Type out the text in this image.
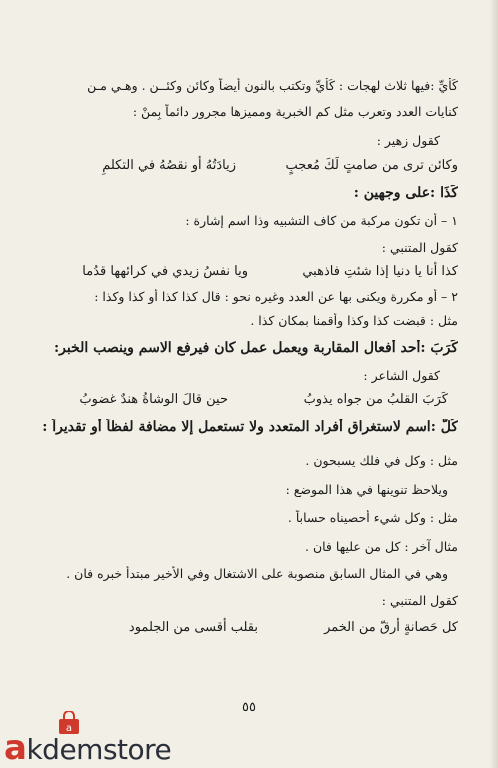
كَأَيِّ :فيها ثلاث لهجات : كَأَيِّ وتكتب بالنون أيضاً وكائن وكئــن . وهـي مـن
كنايات العدد وتعرب مثل كم الخبرية ومميزها مجرور دائماً بِمنْ :
كقول زهير :
وكائن ترى من صامتٍ لَكَ مُعجبٍ
زيادَتُهُ أو نقصُهُ في التكلمِ
كَذَا :على وجهين :
١ – أن تكون مركبة من كاف التشبيه وذا اسم إشارة :
كقول المتنبي :
كذا أنا يا دنيا إذا شئتِ فاذهبي
ويا نفسُ زيدي في كرائهها قدُما
٢ – أو مكررة ويكنى بها عن العدد وغيره نحو : قال كذا كذا أو كذا وكذا :
مثل : قبضت كذا وكذا وأقمنا بمكان كذا .
كَرَبَ :أحد أفعال المقاربة ويعمل عمل كان فيرفع الاسم وينصب الخبر:
كقول الشاعر :
كَرَبَ القلبُ من جواه يذوبُ
حين قالَ الوشاةُ هندٌ غضوبُ
كُلّ :اسم لاستغراق أفراد المتعدد ولا تستعمل إلا مضافة لفظاً أو تقديراً :
مثل : وكل في فلك يسبحون .
ويلاحظ تنوينها في هذا الموضع :
مثل : وكل شيء أحصيناه حساباً .
مثال آخر : كل من عليها فان .
وهي في المثال السابق منصوبة على الاشتغال وفي الأخير مبتدأ خبره فان .
كقول المتنبي :
كل حَصانةٍ أرقّ من الخمر
بقلب أقسى من الجلمود
٥٥
a
akdemstore
